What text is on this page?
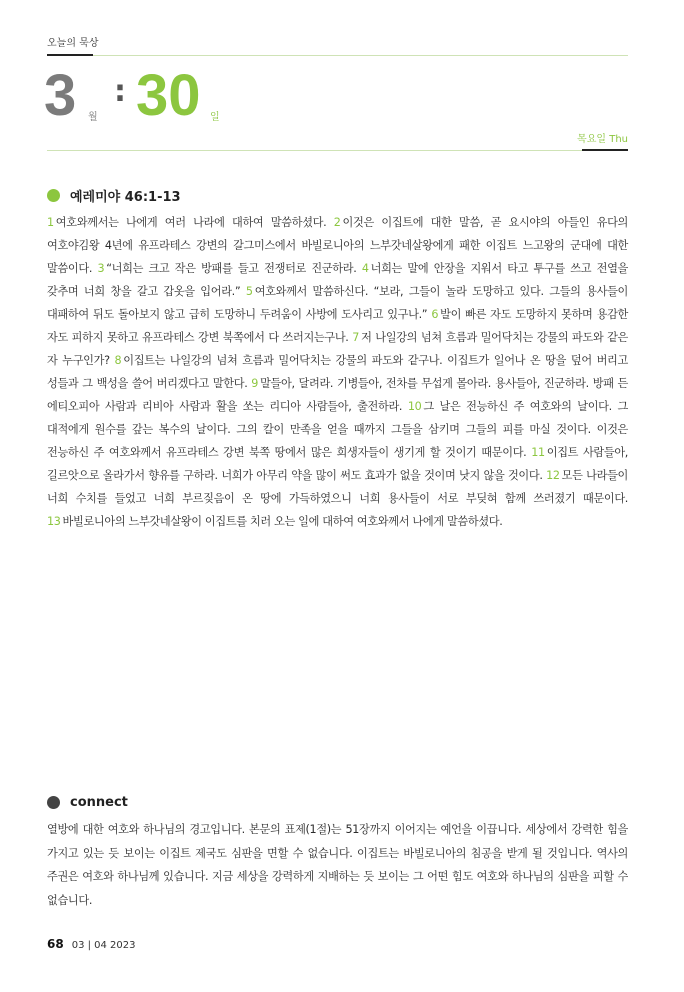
오늘의 묵상
3 월
: 30 일
목요일 Thu
예레미야 46:1-13
1 여호와께서는 나에게 여러 나라에 대하여 말씀하셨다. 2 이것은 이집트에 대한 말씀, 곧 요시야의 아들인 유다의 여호야김왕 4년에 유프라테스 강변의 갈그미스에서 바빌로니아의 느부갓네살왕에게 패한 이집트 느고왕의 군대에 대한 말씀이다. 3 “너희는 크고 작은 방패를 들고 전쟁터로 진군하라. 4 너희는 말에 안장을 지워서 타고 투구를 쓰고 전열을 갖추며 너희 창을 갈고 갑옷을 입어라.” 5 여호와께서 말씀하신다. “보라, 그들이 놀라 도망하고 있다. 그들의 용사들이 대패하여 뒤도 돌아보지 않고 급히 도망하니 두려움이 사방에 도사리고 있구나.” 6 발이 빠른 자도 도망하지 못하며 용감한 자도 피하지 못하고 유프라테스 강변 북쪽에서 다 쓰러지는구나. 7 저 나일강의 넘쳐 흐름과 밀어닥치는 강물의 파도와 같은 자 누구인가? 8 이집트는 나일강의 넘쳐 흐름과 밀어닥치는 강물의 파도와 같구나. 이집트가 일어나 온 땅을 덮어 버리고 성들과 그 백성을 쓸어 버리겠다고 말한다. 9 말들아, 달려라. 기병들아, 전차를 무섭게 몰아라. 용사들아, 진군하라. 방패 든 에티오피아 사람과 리비아 사람과 활을 쏘는 리디아 사람들아, 출전하라. 10 그 날은 전능하신 주 여호와의 날이다. 그 대적에게 원수를 갚는 복수의 날이다. 그의 칼이 만족을 얻을 때까지 그들을 삼키며 그들의 피를 마실 것이다. 이것은 전능하신 주 여호와께서 유프라테스 강변 북쪽 땅에서 많은 희생자들이 생기게 할 것이기 때문이다. 11 이집트 사람들아, 길르앗으로 올라가서 향유를 구하라. 너희가 아무리 약을 많이 써도 효과가 없을 것이며 낫지 않을 것이다. 12 모든 나라들이 너희 수치를 들었고 너희 부르짖음이 온 땅에 가득하였으니 너희 용사들이 서로 부딪혀 함께 쓰러졌기 때문이다. 13 바빌로니아의 느부갓네살왕이 이집트를 치러 오는 일에 대하여 여호와께서 나에게 말씀하셨다.
connect
열방에 대한 여호와 하나님의 경고입니다. 본문의 표제(1절)는 51장까지 이어지는 예언을 이끕니다. 세상에서 강력한 힘을 가지고 있는 듯 보이는 이집트 제국도 심판을 면할 수 없습니다. 이집트는 바빌로니아의 침공을 받게 될 것입니다. 역사의 주권은 여호와 하나님께 있습니다. 지금 세상을 강력하게 지배하는 듯 보이는 그 어떤 힘도 여호와 하나님의 심판을 피할 수 없습니다.
68 03 | 04 2023
